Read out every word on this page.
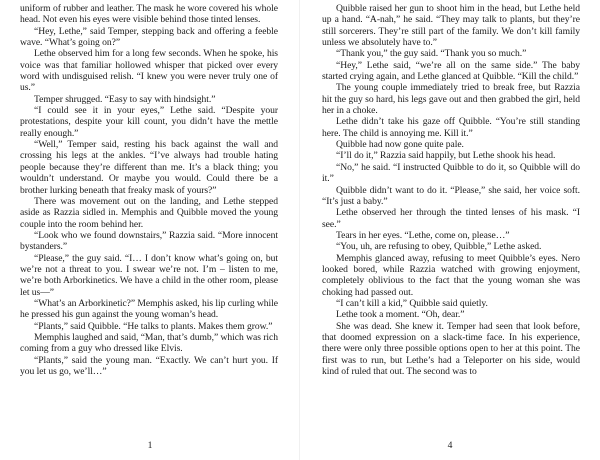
uniform of rubber and leather. The mask he wore covered his whole head. Not even his eyes were visible behind those tinted lenses.

“Hey, Lethe,” said Temper, stepping back and offering a feeble wave. “What’s going on?”

Lethe observed him for a long few seconds. When he spoke, his voice was that familiar hollowed whisper that picked over every word with undisguised relish. “I knew you were never truly one of us.”

Temper shrugged. “Easy to say with hindsight.”

“I could see it in your eyes,” Lethe said. “Despite your protestations, despite your kill count, you didn’t have the mettle really enough.”

“Well,” Temper said, resting his back against the wall and crossing his legs at the ankles. “I’ve always had trouble hating people because they’re different than me. It’s a black thing; you wouldn’t understand. Or maybe you would. Could there be a brother lurking beneath that freaky mask of yours?”

There was movement out on the landing, and Lethe stepped aside as Razzia sidled in. Memphis and Quibble moved the young couple into the room behind her.

“Look who we found downstairs,” Razzia said. “More innocent bystanders.”

“Please,” the guy said. “I… I don’t know what’s going on, but we’re not a threat to you. I swear we’re not. I’m – listen to me, we’re both Arborkinetics. We have a child in the other room, please let us—”

“What’s an Arborkinetic?” Memphis asked, his lip curling while he pressed his gun against the young woman’s head.

“Plants,” said Quibble. “He talks to plants. Makes them grow.”

Memphis laughed and said, “Man, that’s dumb,” which was rich coming from a guy who dressed like Elvis.

“Plants,” said the young man. “Exactly. We can’t hurt you. If you let us go, we’ll…”

1

Quibble raised her gun to shoot him in the head, but Lethe held up a hand. “A-nah,” he said. “They may talk to plants, but they’re still sorcerers. They’re still part of the family. We don’t kill family unless we absolutely have to.”

“Thank you,” the guy said. “Thank you so much.”

“Hey,” Lethe said, “we’re all on the same side.” The baby started crying again, and Lethe glanced at Quibble. “Kill the child.”

The young couple immediately tried to break free, but Razzia hit the guy so hard, his legs gave out and then grabbed the girl, held her in a choke.

Lethe didn’t take his gaze off Quibble. “You’re still standing here. The child is annoying me. Kill it.”

Quibble had now gone quite pale.

“I’ll do it,” Razzia said happily, but Lethe shook his head.

“No,” he said. “I instructed Quibble to do it, so Quibble will do it.”

Quibble didn’t want to do it. “Please,” she said, her voice soft. “It’s just a baby.”

Lethe observed her through the tinted lenses of his mask. “I see.”

Tears in her eyes. “Lethe, come on, please…”

“You, uh, are refusing to obey, Quibble,” Lethe asked.

Memphis glanced away, refusing to meet Quibble’s eyes. Nero looked bored, while Razzia watched with growing enjoyment, completely oblivious to the fact that the young woman she was choking had passed out.

“I can’t kill a kid,” Quibble said quietly.

Lethe took a moment. “Oh, dear.”

She was dead. She knew it. Temper had seen that look before, that doomed expression on a slack-time face. In his experience, there were only three possible options open to her at this point. The first was to run, but Lethe’s had a Teleporter on his side, would kind of ruled that out. The second was to

4
